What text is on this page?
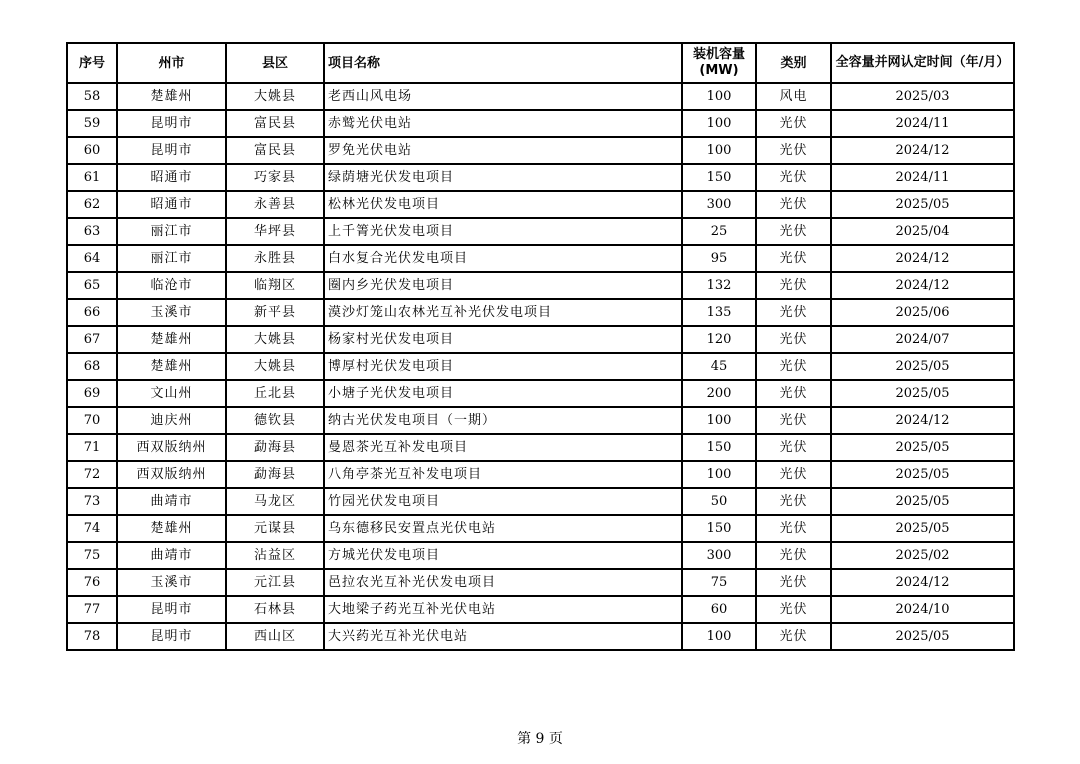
序号	州市	县区	项目名称	装机容量 (MW)	类别	全容量并网认定时间（年/月）
58	楚雄州	大姚县	老西山风电场	100	风电	2025/03
59	昆明市	富民县	赤鹫光伏电站	100	光伏	2024/11
60	昆明市	富民县	罗免光伏电站	100	光伏	2024/12
61	昭通市	巧家县	绿荫塘光伏发电项目	150	光伏	2024/11
62	昭通市	永善县	松林光伏发电项目	300	光伏	2025/05
63	丽江市	华坪县	上千箐光伏发电项目	25	光伏	2025/04
64	丽江市	永胜县	白水复合光伏发电项目	95	光伏	2024/12
65	临沧市	临翔区	圈内乡光伏发电项目	132	光伏	2024/12
66	玉溪市	新平县	漠沙灯笼山农林光互补光伏发电项目	135	光伏	2025/06
67	楚雄州	大姚县	杨家村光伏发电项目	120	光伏	2024/07
68	楚雄州	大姚县	博厚村光伏发电项目	45	光伏	2025/05
69	文山州	丘北县	小塘子光伏发电项目	200	光伏	2025/05
70	迪庆州	德钦县	纳古光伏发电项目（一期）	100	光伏	2024/12
71	西双版纳州	勐海县	曼恩茶光互补发电项目	150	光伏	2025/05
72	西双版纳州	勐海县	八角亭茶光互补发电项目	100	光伏	2025/05
73	曲靖市	马龙区	竹园光伏发电项目	50	光伏	2025/05
74	楚雄州	元谋县	乌东德移民安置点光伏电站	150	光伏	2025/05
75	曲靖市	沾益区	方城光伏发电项目	300	光伏	2025/02
76	玉溪市	元江县	邑拉农光互补光伏发电项目	75	光伏	2024/12
77	昆明市	石林县	大地梁子药光互补光伏电站	60	光伏	2024/10
78	昆明市	西山区	大兴药光互补光伏电站	100	光伏	2025/05
第 9 页
